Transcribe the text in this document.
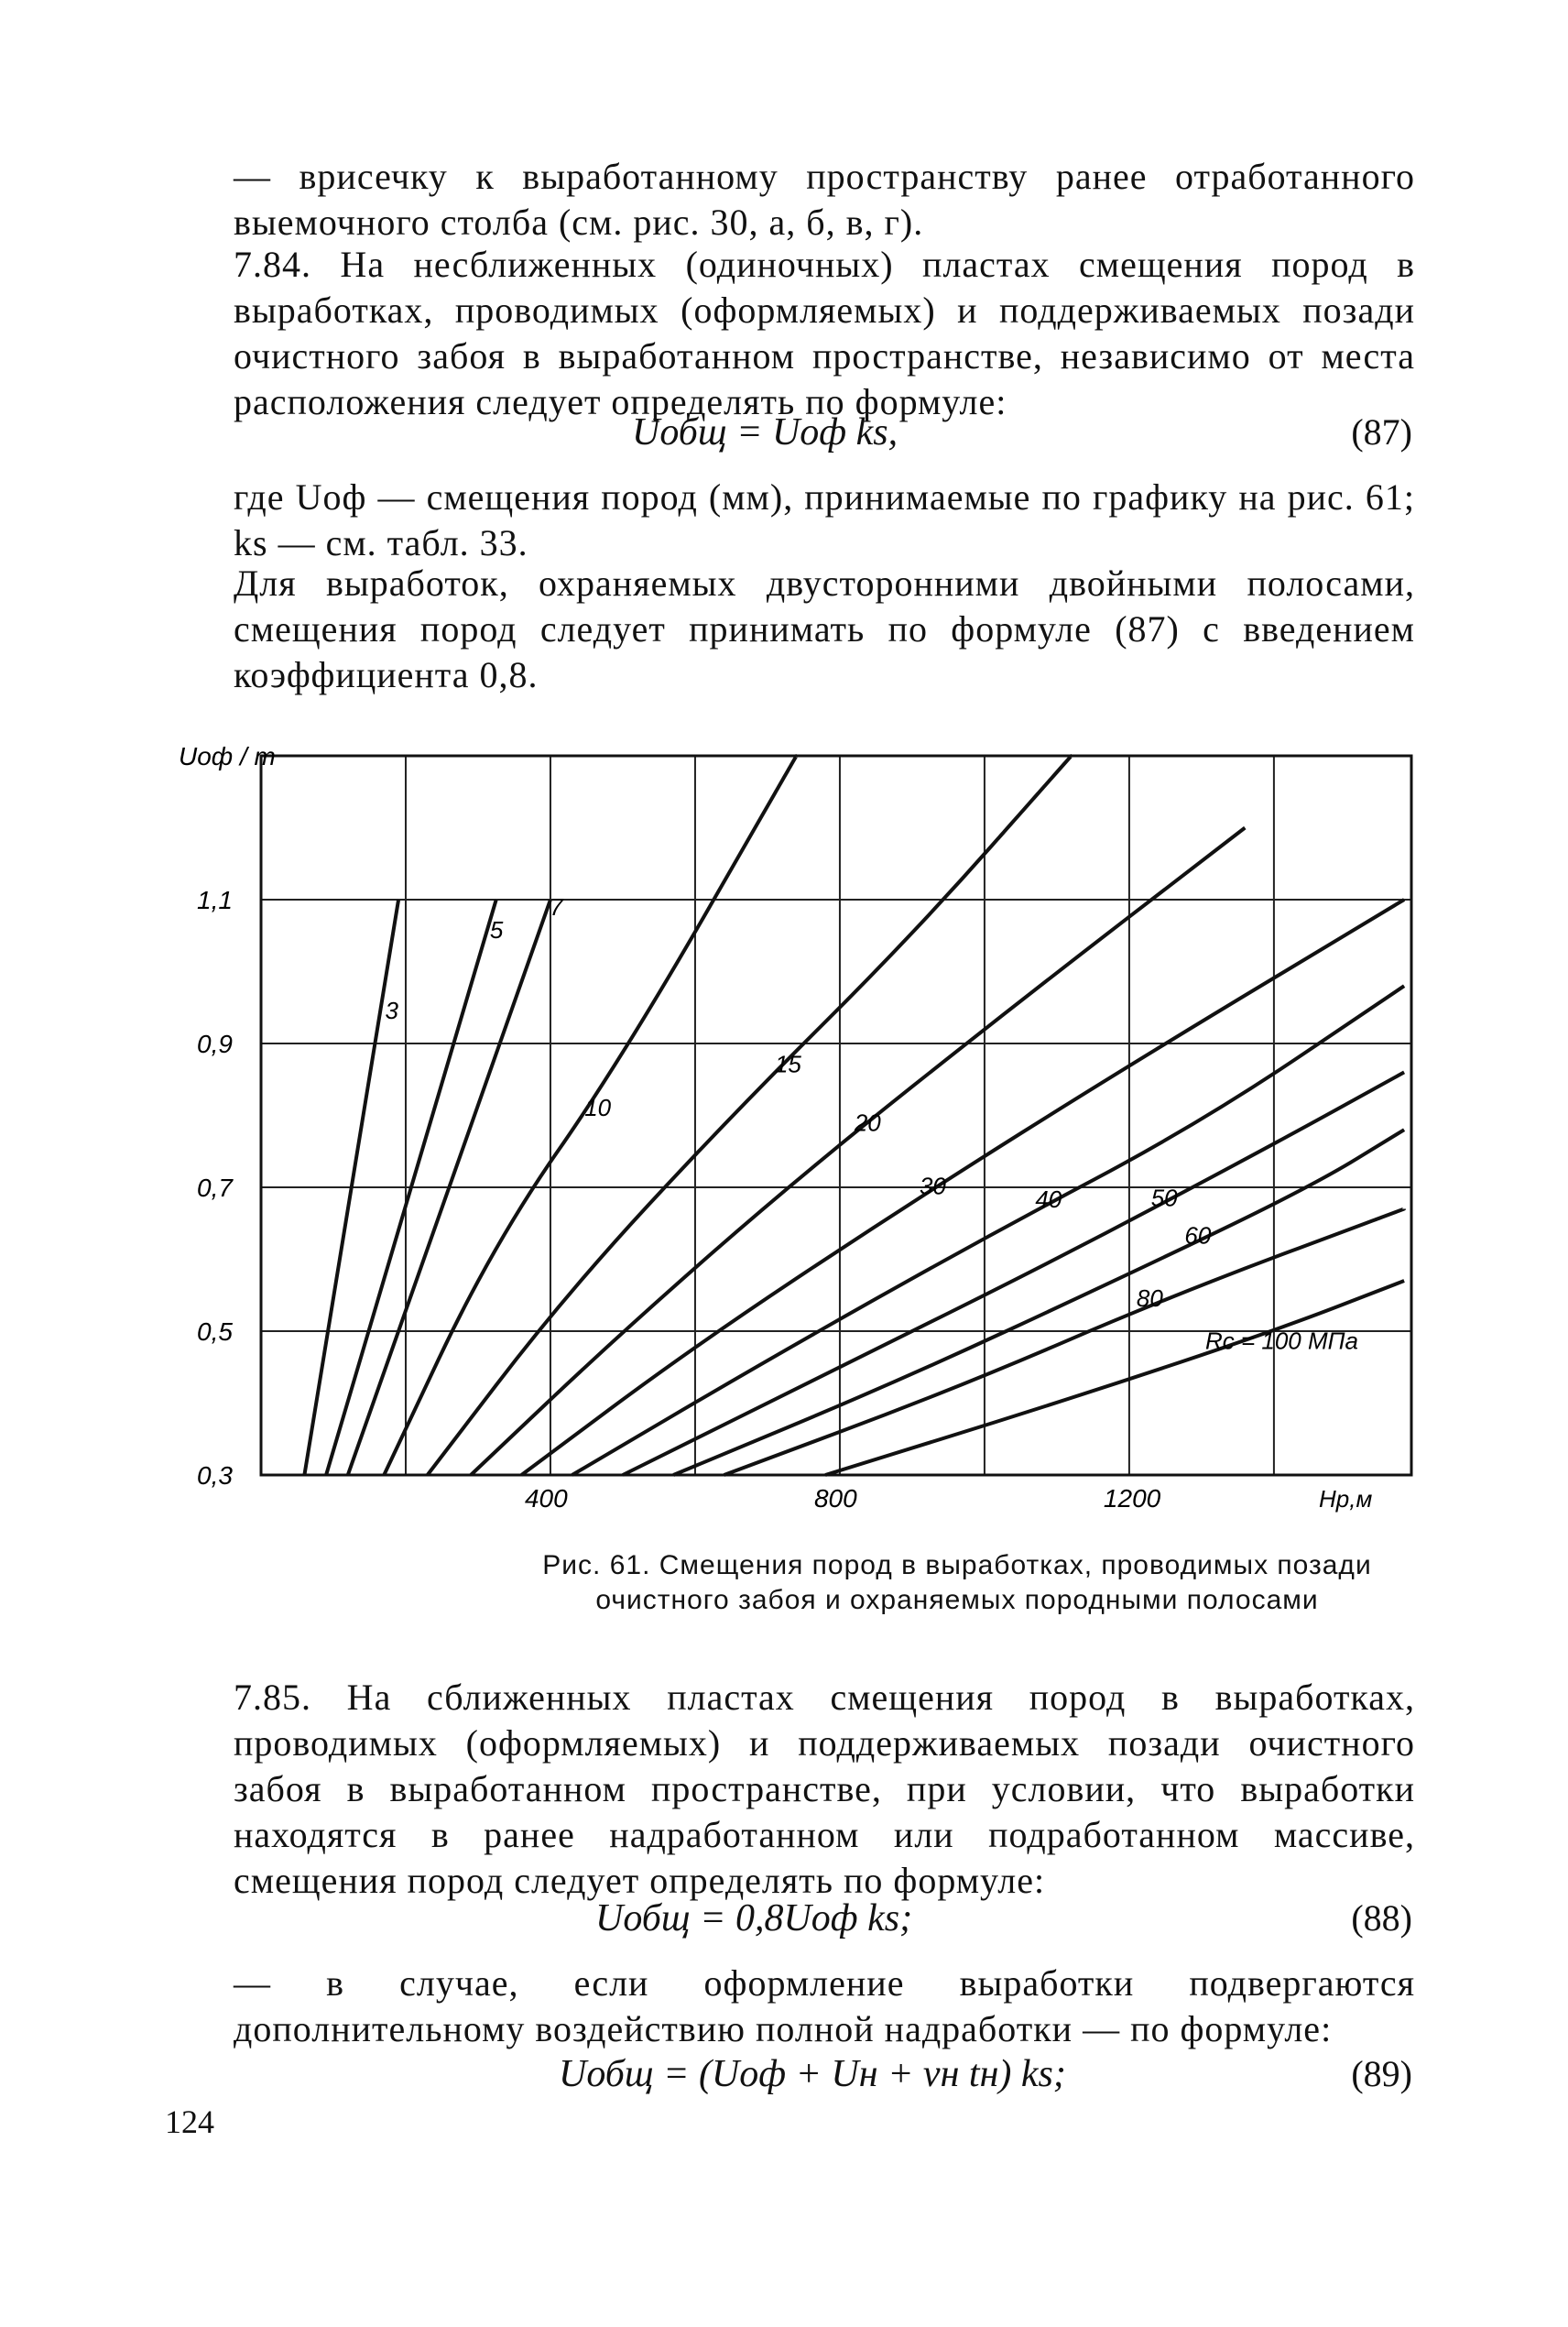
— врисечку к выработанному пространству ранее отработанного выемочного столба (см. рис. 30, а, б, в, г).
7.84. На несближенных (одиночных) пластах смещения пород в выработках, проводимых (оформляемых) и поддерживаемых позади очистного забоя в выработанном пространстве, независимо от места расположения следует определять по формуле:
Uобщ = Uоф ks,	(87)
где Uоф — смещения пород (мм), принимаемые по графику на рис. 61; ks — см. табл. 33.
Для выработок, охраняемых двусторонними двойными полосами, смещения пород следует принимать по формуле (87) с введением коэффициента 0,8.
1,1
0,9
0,7
0,5
0,3
400	800	1200
Uоф / m
Hр,м
3
5
7
10
15
20
30	40	50
60
80
Rc = 100 МПа
Рис. 61. Смещения пород в выработках, проводимых позади очистного забоя и охраняемых породными полосами
7.85. На сближенных пластах смещения пород в выработках, проводимых (оформляемых) и поддерживаемых позади очистного забоя в выработанном пространстве, при условии, что выработки находятся в ранее надработанном или подработанном массиве, смещения пород следует определять по формуле:
Uобщ = 0,8Uоф ks;	(88)
— в случае, если оформление выработки подвергаются дополнительному воздействию полной надработки — по формуле:
Uобщ = (Uоф + Uн + vн tн) ks;	(89)
124
